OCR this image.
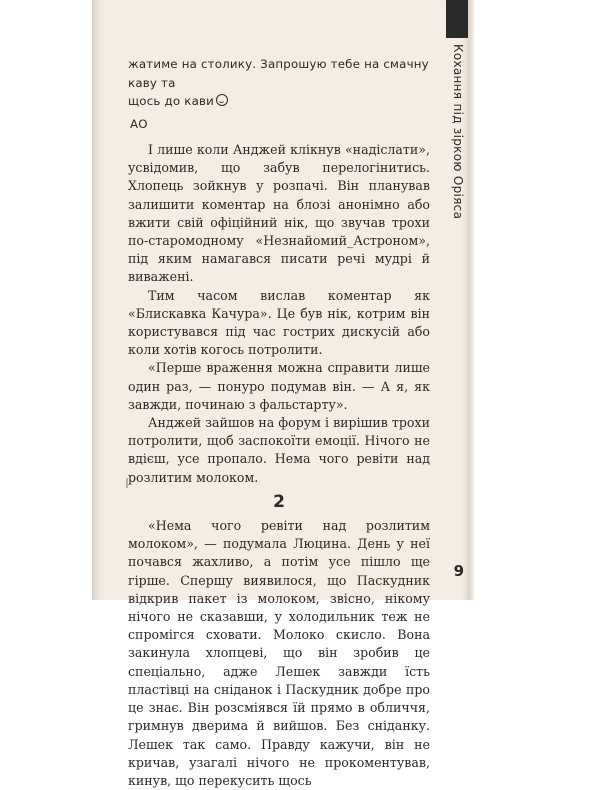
жатиме на столику. Запрошую тебе на смачну каву та
щось до кави
АО

І лише коли Анджей клікнув «надіслати», усвідомив, що забув перелогінитись. Хлопець зойкнув у розпачі. Він планував залишити коментар на блозі анонімно або вжити свій офіційний нік, що звучав трохи по-старомодному «Незнайомий_Астроном», під яким намагався писати речі мудрі й виважені.

Тим часом вислав коментар як «Блискавка Качура». Це був нік, котрим він користувався під час гострих дискусій або коли хотів когось потролити.

«Перше враження можна справити лише один раз, — понуро подумав він. — А я, як завжди, починаю з фальстарту».

Анджей зайшов на форум і вирішив трохи потролити, щоб заспокоїти емоції. Нічого не вдієш, усе пропало. Нема чого ревіти над розлитим молоком.

2

«Нема чого ревіти над розлитим молоком», — подумала Люцина. День у неї почався жахливо, а потім усе пішло ще гірше. Спершу виявилося, що Паскудник відкрив пакет із молоком, звісно, нікому нічого не сказавши, у холодильник теж не спромігся сховати. Молоко скисло. Вона закинула хлопцеві, що він зробив це спеціально, адже Лешек завжди їсть пластівці на сніданок і Паскудник добре про це знає. Він розсміявся їй прямо в обличчя, гримнув дверима й вийшов. Без сніданку. Лешек так само. Правду кажучи, він не кричав, узагалі нічого не прокоментував, кинув, що перекусить щось

Кохання під зіркою Оріяса
9
